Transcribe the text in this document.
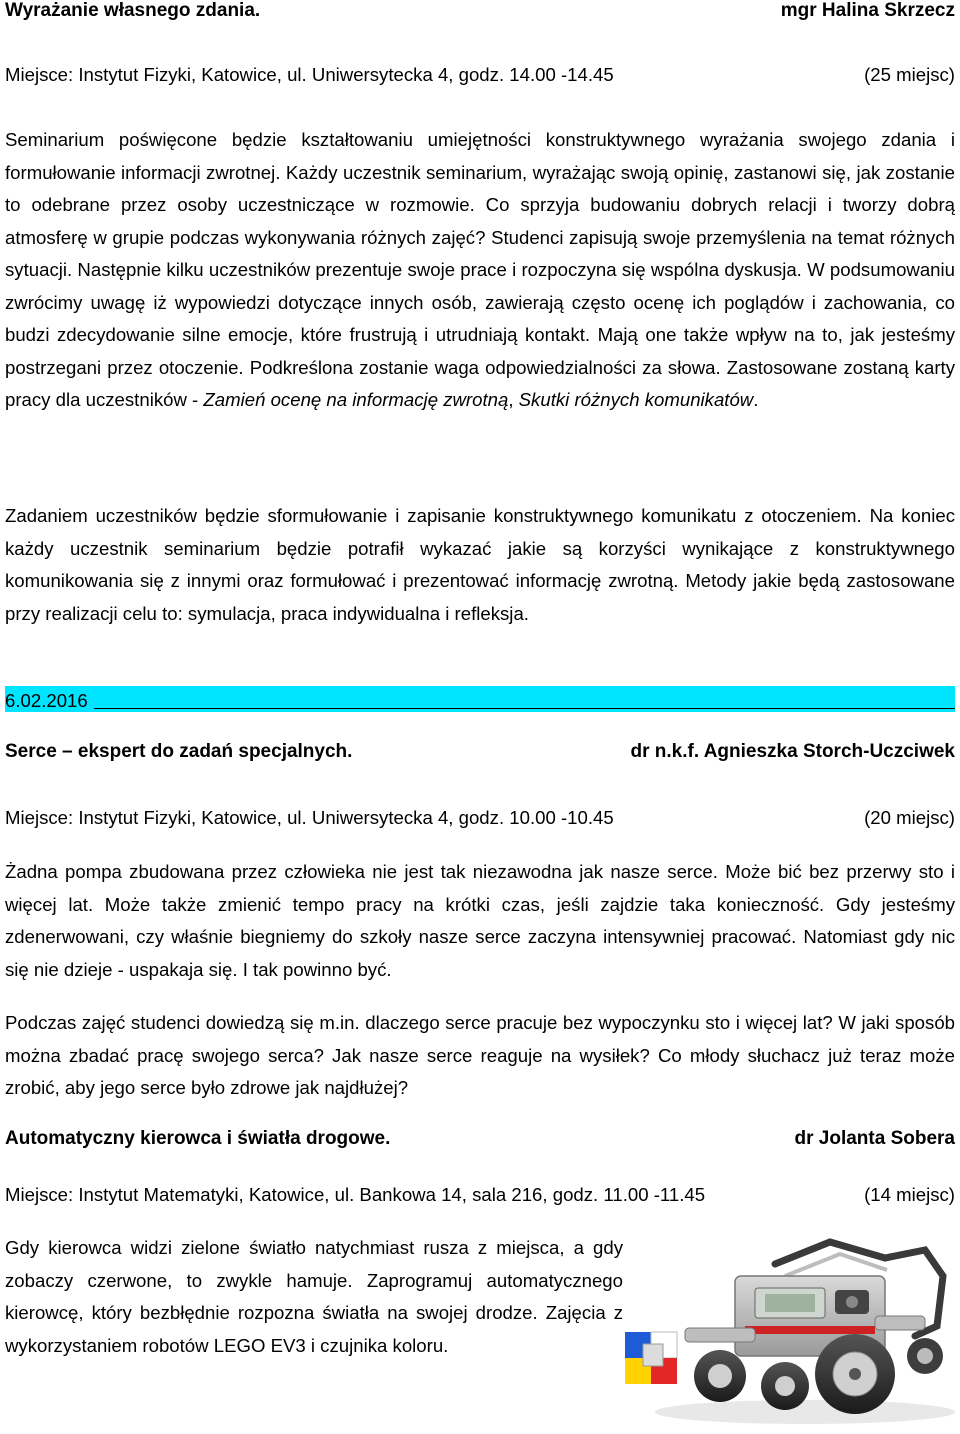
Wyrażanie własnego zdania.	mgr Halina Skrzecz
Miejsce: Instytut Fizyki, Katowice, ul. Uniwersytecka 4, godz. 14.00 -14.45	(25 miejsc)

Seminarium poświęcone będzie kształtowaniu umiejętności konstruktywnego wyrażania swojego zdania i formułowanie informacji zwrotnej. Każdy uczestnik seminarium, wyrażając swoją opinię, zastanowi się, jak zostanie to odebrane przez osoby uczestniczące w rozmowie. Co sprzyja budowaniu dobrych relacji i tworzy dobrą atmosferę w grupie podczas wykonywania różnych zajęć? Studenci zapisują swoje przemyślenia na temat różnych sytuacji. Następnie kilku uczestników prezentuje swoje prace i rozpoczyna się wspólna dyskusja. W podsumowaniu zwrócimy uwagę iż wypowiedzi dotyczące innych osób, zawierają często ocenę ich poglądów i zachowania, co budzi zdecydowanie silne emocje, które frustrują i utrudniają kontakt. Mają one także wpływ na to, jak jesteśmy postrzegani przez otoczenie. Podkreślona zostanie waga odpowiedzialności za słowa. Zastosowane zostaną karty pracy dla uczestników - Zamień ocenę na informację zwrotną, Skutki różnych komunikatów.

Zadaniem uczestników będzie sformułowanie i zapisanie konstruktywnego komunikatu z otoczeniem. Na koniec każdy uczestnik seminarium będzie potrafił wykazać jakie są korzyści wynikające z konstruktywnego komunikowania się z innymi oraz formułować i prezentować informację zwrotną. Metody jakie będą zastosowane przy realizacji celu to: symulacja, praca indywidualna i refleksja.

6.02.2016
Serce – ekspert do zadań specjalnych.	dr n.k.f. Agnieszka Storch-Uczciwek
Miejsce: Instytut Fizyki, Katowice, ul. Uniwersytecka 4, godz. 10.00 -10.45	(20 miejsc)

Żadna pompa zbudowana przez człowieka nie jest tak niezawodna jak nasze serce. Może bić bez przerwy sto i więcej lat. Może także zmienić tempo pracy na krótki czas, jeśli zajdzie taka konieczność. Gdy jesteśmy zdenerwowani, czy właśnie biegniemy do szkoły nasze serce zaczyna intensywniej pracować. Natomiast gdy nic się nie dzieje - uspakaja się. I tak powinno być.

Podczas zajęć studenci dowiedzą się m.in. dlaczego serce pracuje bez wypoczynku sto i więcej lat? W jaki sposób można zbadać pracę swojego serca? Jak nasze serce reaguje na wysiłek? Co młody słuchacz już teraz może zrobić, aby jego serce było zdrowe jak najdłużej?

Automatyczny kierowca i światła drogowe.	dr Jolanta Sobera
Miejsce: Instytut Matematyki, Katowice, ul. Bankowa 14, sala 216, godz. 11.00 -11.45	(14 miejsc)

Gdy kierowca widzi zielone światło natychmiast rusza z miejsca, a gdy zobaczy czerwone, to zwykle hamuje. Zaprogramuj automatycznego kierowcę, który bezbłędnie rozpozna światła na swojej drodze. Zajęcia z wykorzystaniem robotów LEGO EV3 i czujnika koloru.
